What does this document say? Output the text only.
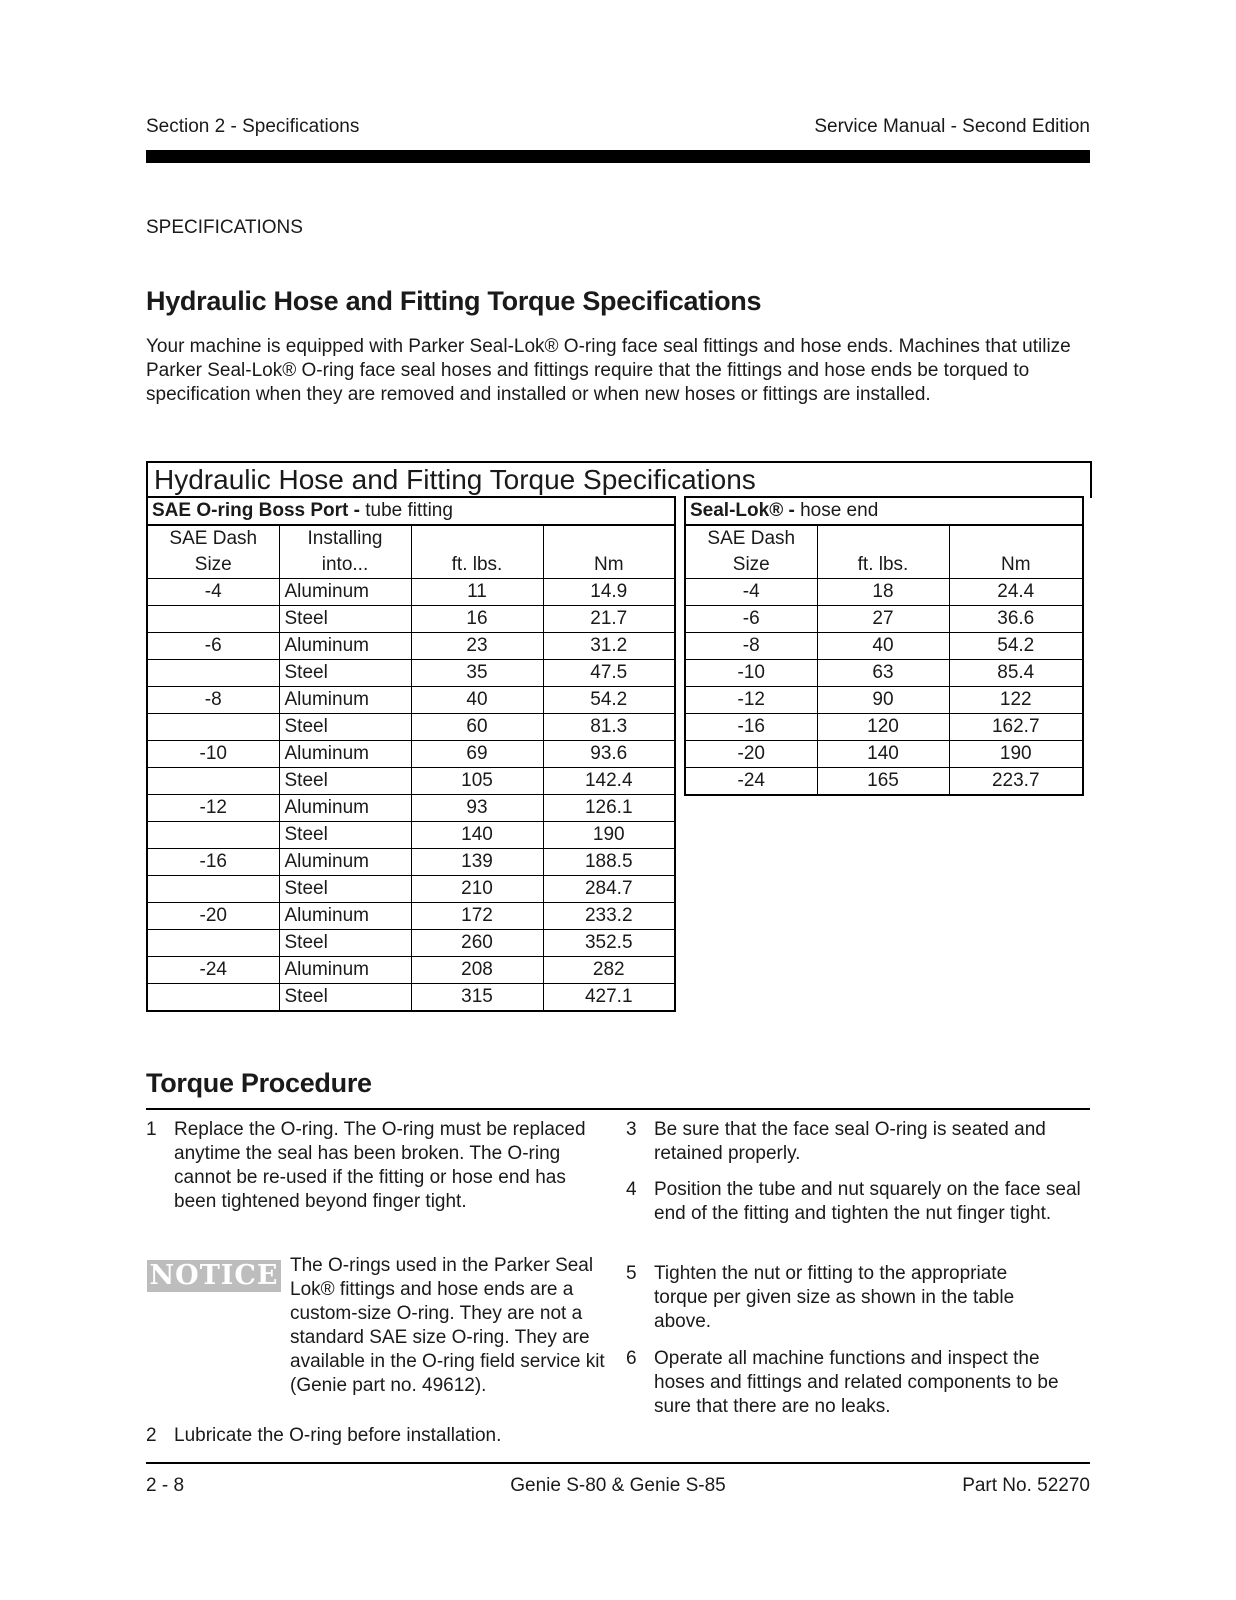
Section 2 - Specifications	Service Manual - Second Edition
SPECIFICATIONS
Hydraulic Hose and Fitting Torque Specifications
Your machine is equipped with Parker Seal-Lok® O-ring face seal fittings and hose ends. Machines that utilize Parker Seal-Lok® O-ring face seal hoses and fittings require that the fittings and hose ends be torqued to specification when they are removed and installed or when new hoses or fittings are installed.
Hydraulic Hose and Fitting Torque Specifications
SAE O-ring Boss Port - tube fitting			
SAE Dash	Installing		
Size	into...	ft. lbs.	Nm
-4	Aluminum	11	14.9
	Steel	16	21.7
-6	Aluminum	23	31.2
	Steel	35	47.5
-8	Aluminum	40	54.2
	Steel	60	81.3
-10	Aluminum	69	93.6
	Steel	105	142.4
-12	Aluminum	93	126.1
	Steel	140	190
-16	Aluminum	139	188.5
	Steel	210	284.7
-20	Aluminum	172	233.2
	Steel	260	352.5
-24	Aluminum	208	282
	Steel	315	427.1
Seal-Lok® - hose end		
SAE Dash		
Size	ft. lbs.	Nm
-4	18	24.4
-6	27	36.6
-8	40	54.2
-10	63	85.4
-12	90	122
-16	120	162.7
-20	140	190
-24	165	223.7
Torque Procedure
1 Replace the O-ring. The O-ring must be replaced anytime the seal has been broken. The O-ring cannot be re-used if the fitting or hose end has been tightened beyond finger tight.
NOTICE The O-rings used in the Parker Seal Lok® fittings and hose ends are a custom-size O-ring. They are not a standard SAE size O-ring. They are available in the O-ring field service kit (Genie part no. 49612).
2 Lubricate the O-ring before installation.
3 Be sure that the face seal O-ring is seated and retained properly.
4 Position the tube and nut squarely on the face seal end of the fitting and tighten the nut finger tight.
5 Tighten the nut or fitting to the appropriate torque per given size as shown in the table above.
6 Operate all machine functions and inspect the hoses and fittings and related components to be sure that there are no leaks.
2 - 8	Genie S-80 & Genie S-85	Part No. 52270
